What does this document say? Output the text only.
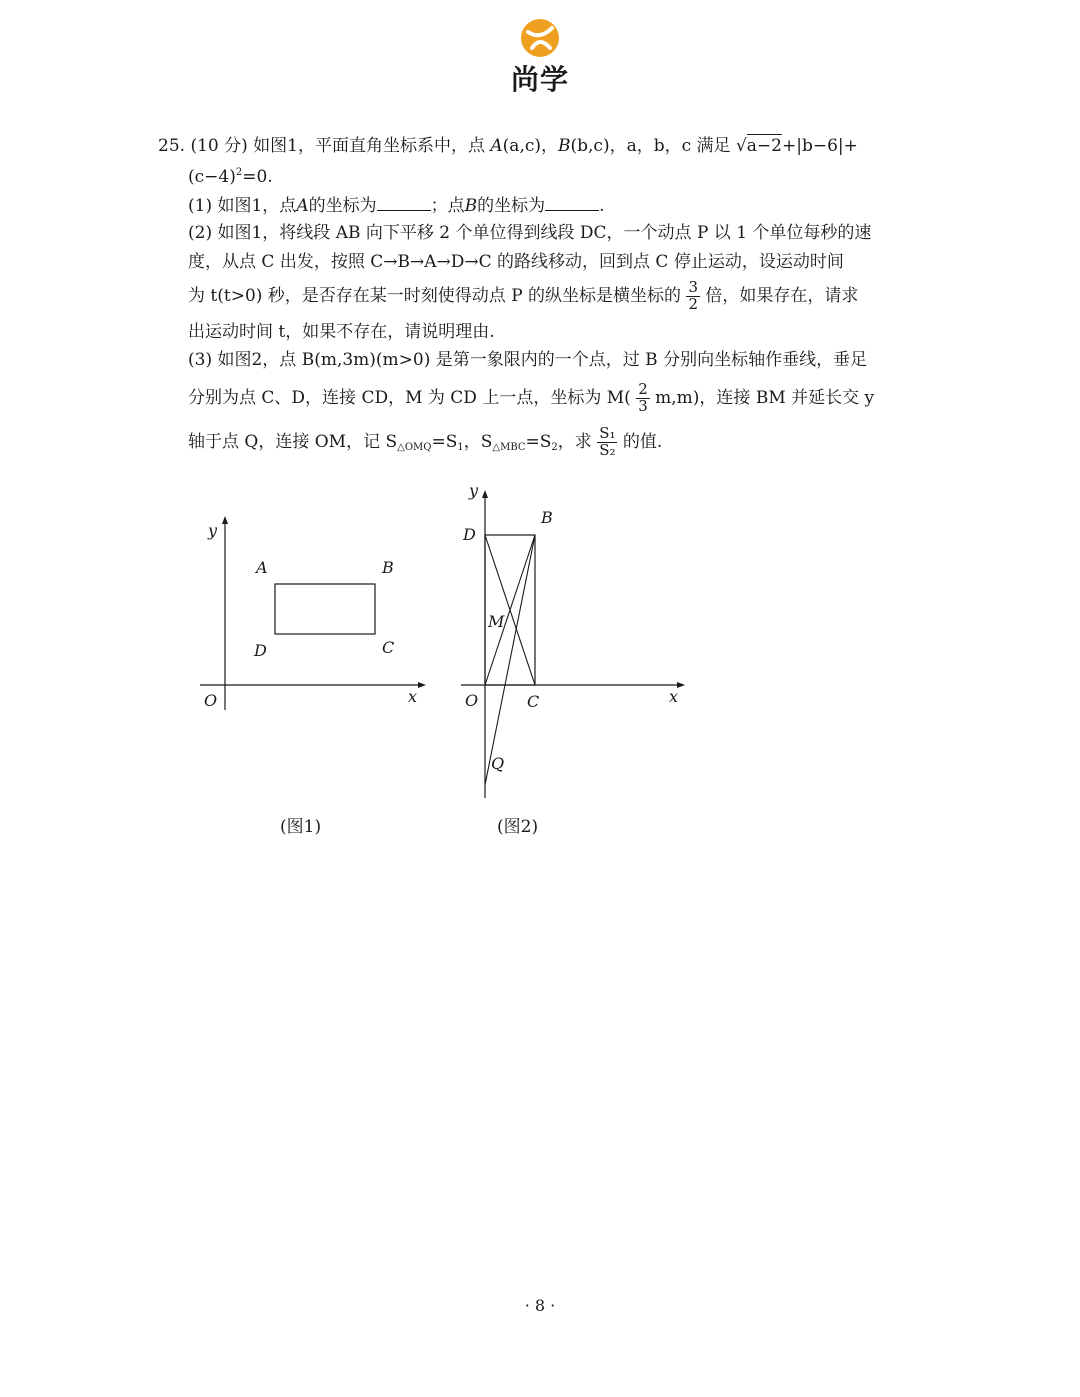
尚学
25. (10 分) 如图1，平面直角坐标系中，点 A(a,c)，B(b,c)，a，b，c 满足 √a−2+|b−6|+
$(c-4)^2=0$.
(1) 如图1，点A的坐标为	；点B的坐标为	.
(2) 如图1，将线段 AB 向下平移 2 个单位得到线段 DC，一个动点 P 以 1 个单位每秒的速
度，从点 C 出发，按照 C→B→A→D→C 的路线移动，回到点 C 停止运动，设运动时间
为 t(t>0) 秒，是否存在某一时刻使得动点 P 的纵坐标是横坐标的 $\frac{3}{2}$ 倍，如果存在，请求
出运动时间 t，如果不存在，请说明理由.
(3) 如图2，点 B(m,3m)(m>0) 是第一象限内的一个点，过 B 分别向坐标轴作垂线，垂足
分别为点 C、D，连接 CD，M 为 CD 上一点，坐标为 $M( \frac{2}{3} m,m)$，连接 BM 并延长交 y
轴于点 Q，连接 OM，记 $S_{\triangle OMQ}=S_1$，$S_{\triangle MBC}=S_2$，求 $\frac{\text{S₁}}{\text{S₂}}$ 的值.
y
x
O
A	B
C
D
y
x
O
B
C
D
M
Q
(图1)	(图2)
· 8 ·
